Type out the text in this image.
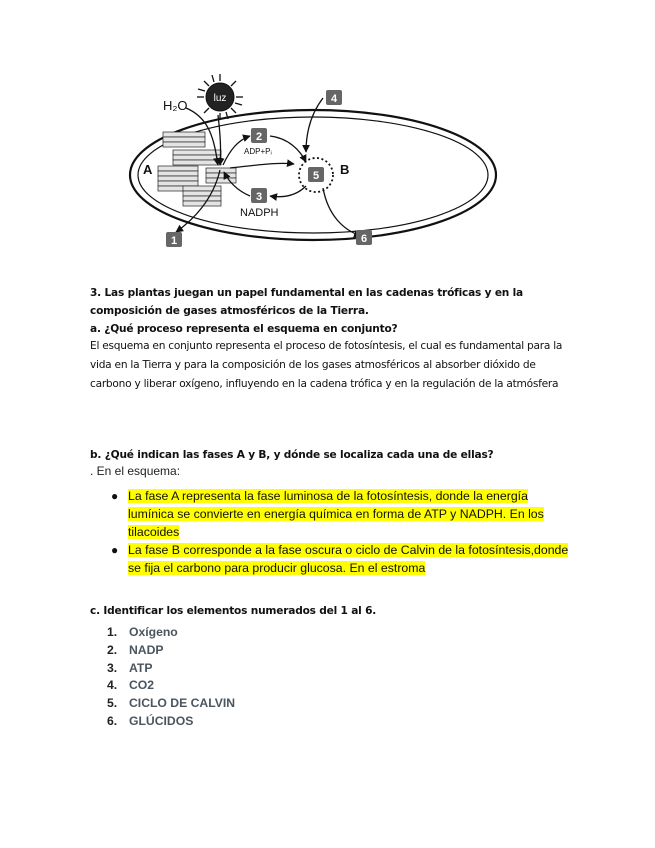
luz
H₂O
A	B
ADP+Pᵢ
NADPH
1
2
3
4
5
6
3. Las plantas juegan un papel fundamental en las cadenas tróficas y en la composición de gases atmosféricos de la Tierra.
a. ¿Qué proceso representa el esquema en conjunto?
El esquema en conjunto representa el proceso de fotosíntesis, el cual es fundamental para la vida en la Tierra y para la composición de los gases atmosféricos al absorber dióxido de carbono y liberar oxígeno, influyendo en la cadena trófica y en la regulación de la atmósfera
b. ¿Qué indican las fases A y B, y dónde se localiza cada una de ellas?
. En el esquema:
● La fase A representa la fase luminosa de la fotosíntesis, donde la energía lumínica se convierte en energía química en forma de ATP y NADPH. En los tilacoides
● La fase B corresponde a la fase oscura o ciclo de Calvin de la fotosíntesis,donde se fija el carbono para producir glucosa. En el estroma
c. Identificar los elementos numerados del 1 al 6.
1. Oxígeno
2. NADP
3. ATP
4. CO2
5. CICLO DE CALVIN
6. GLÚCIDOS
